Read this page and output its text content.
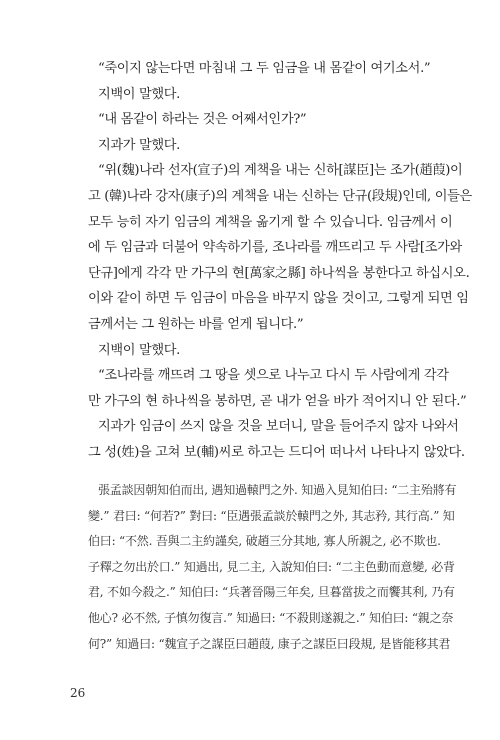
“죽이지 않는다면 마침내 그 두 임금을 내 몸같이 여기소서.”
지백이 말했다.
“내 몸같이 하라는 것은 어째서인가?”
지과가 말했다.
“위(魏)나라 선자(宣子)의 계책을 내는 신하[謀臣]는 조가(趙葭)이
고 (韓)나라 강자(康子)의 계책을 내는 신하는 단규(段規)인데, 이들은
모두 능히 자기 임금의 계책을 옮기게 할 수 있습니다. 임금께서 이
에 두 임금과 더불어 약속하기를, 조나라를 깨뜨리고 두 사람[조가와
단규]에게 각각 만 가구의 현[萬家之縣] 하나씩을 봉한다고 하십시오.
이와 같이 하면 두 임금이 마음을 바꾸지 않을 것이고, 그렇게 되면 임
금께서는 그 원하는 바를 얻게 됩니다.”
지백이 말했다.
“조나라를 깨뜨려 그 땅을 셋으로 나누고 다시 두 사람에게 각각
만 가구의 현 하나씩을 봉하면, 곧 내가 얻을 바가 적어지니 안 된다.”
지과가 임금이 쓰지 않을 것을 보더니, 말을 들어주지 않자 나와서
그 성(姓)을 고쳐 보(輔)씨로 하고는 드디어 떠나서 나타나지 않았다.
張孟談因朝知伯而出, 遇知過轅門之外. 知過入見知伯曰: “二主殆將有
變.” 君曰: “何若?” 對曰: “臣遇張孟談於轅門之外, 其志矜, 其行高.” 知
伯曰: “不然. 吾與二主約謹矣, 破趙三分其地, 寡人所親之, 必不欺也.
子釋之勿出於口.” 知過出, 見二主, 入說知伯曰: “二主色動而意變, 必背
君, 不如今殺之.” 知伯曰: “兵著晉陽三年矣, 旦暮當拔之而饗其利, 乃有
他心? 必不然, 子慎勿復言.” 知過曰: “不殺則遂親之.” 知伯曰: “親之奈
何?” 知過曰: “魏宣子之謀臣曰趙葭, 康子之謀臣曰段規, 是皆能移其君
26
